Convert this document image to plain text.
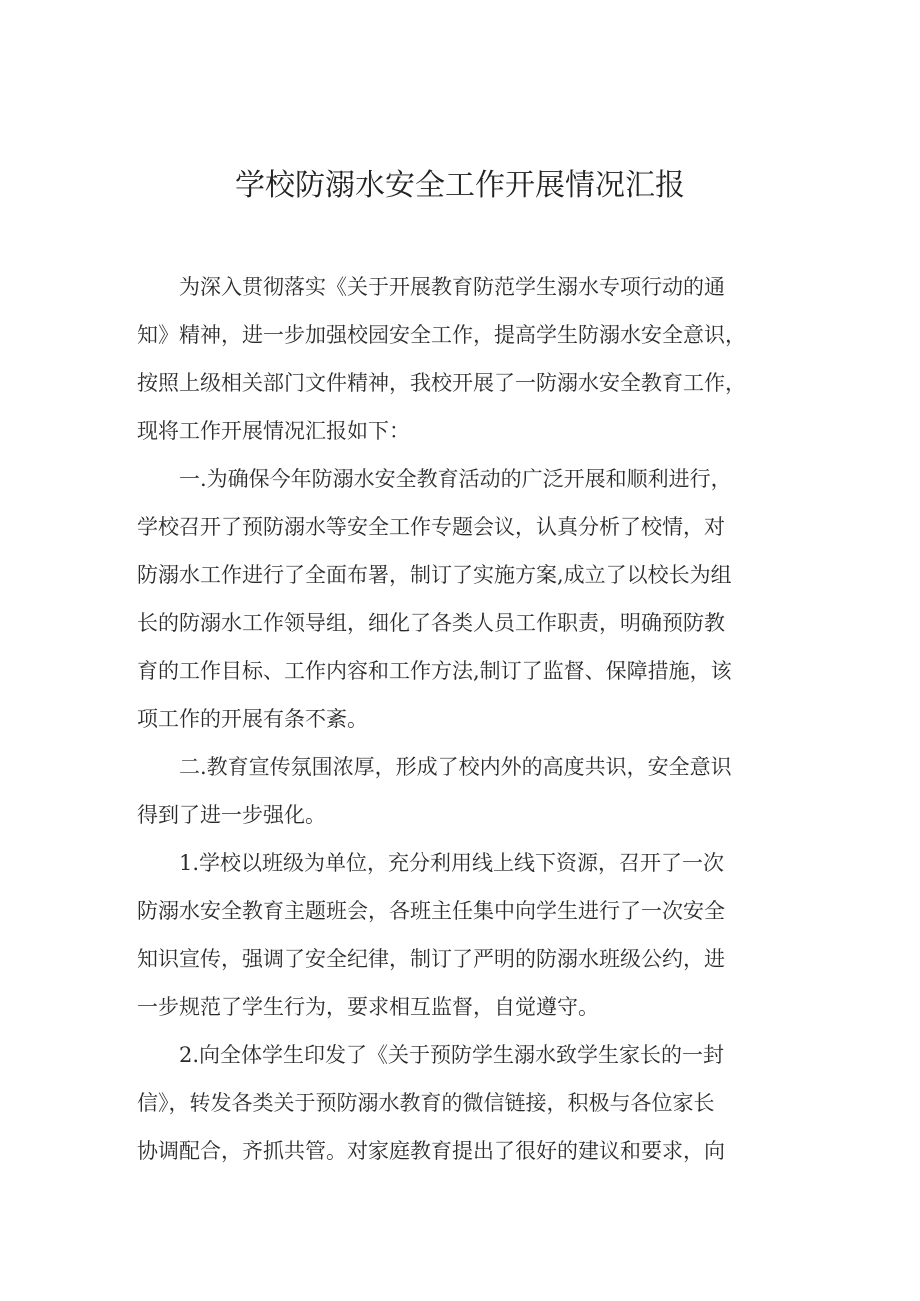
学校防溺水安全工作开展情况汇报
　　为深入贯彻落实《关于开展教育防范学生溺水专项行动的通
知》精神，进一步加强校园安全工作，提高学生防溺水安全意识，
按照上级相关部门文件精神，我校开展了一防溺水安全教育工作，
现将工作开展情况汇报如下：
　　一.为确保今年防溺水安全教育活动的广泛开展和顺利进行，
学校召开了预防溺水等安全工作专题会议，认真分析了校情，对
防溺水工作进行了全面布署，制订了实施方案,成立了以校长为组
长的防溺水工作领导组，细化了各类人员工作职责，明确预防教
育的工作目标、工作内容和工作方法,制订了监督、保障措施，该
项工作的开展有条不紊。
　　二.教育宣传氛围浓厚，形成了校内外的高度共识，安全意识
得到了进一步强化。
　　1.学校以班级为单位，充分利用线上线下资源，召开了一次
防溺水安全教育主题班会，各班主任集中向学生进行了一次安全
知识宣传，强调了安全纪律，制订了严明的防溺水班级公约，进
一步规范了学生行为，要求相互监督，自觉遵守。
　　2.向全体学生印发了《关于预防学生溺水致学生家长的一封
信》，转发各类关于预防溺水教育的微信链接，积极与各位家长
协调配合，齐抓共管。对家庭教育提出了很好的建议和要求，向
